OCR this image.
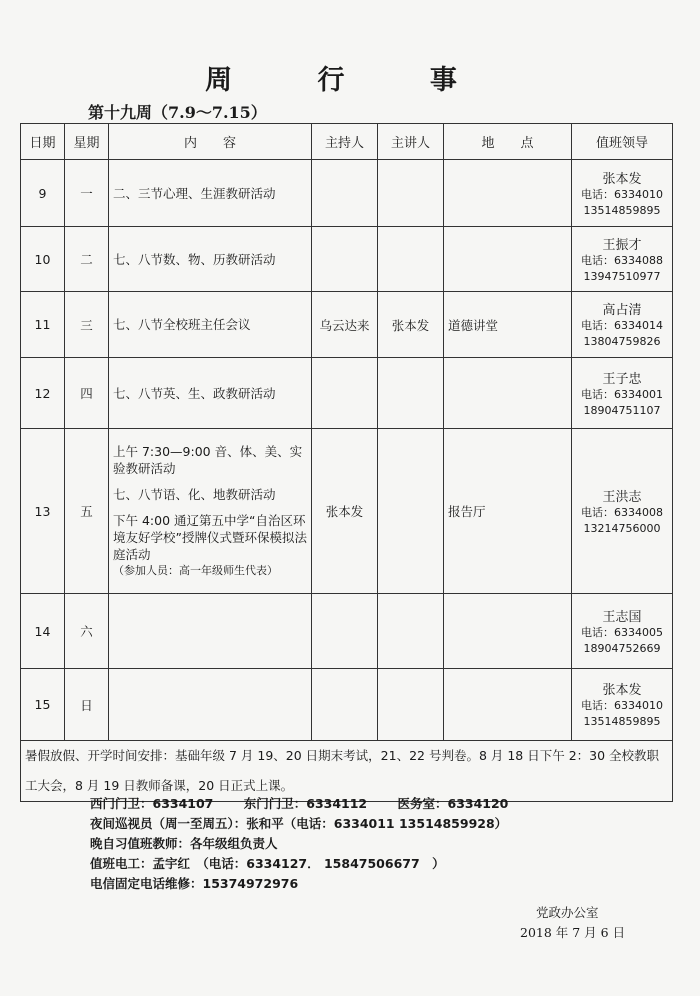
周 行 事
第十九周（7.9～7.15）
日期	星期	内　　容	主持人	主讲人	地　　点	值班领导
9	一	二、三节心理、生涯教研活动				张本发
电话：6334010
13514859895

10	二	七、八节数、物、历教研活动				王振才
电话：6334088
13947510977

11	三	七、八节全校班主任会议	乌云达来	张本发	道德讲堂	高占清
电话：6334014
13804759826

12	四	七、八节英、生、政教研活动				王子忠
电话：6334001
18904751107

13	五	上午 7:30—9:00 音、体、美、实验教研活动
七、八节语、化、地教研活动
下午 4:00 通辽第五中学“自治区环境友好学校”授牌仪式暨环保模拟法庭活动
（参加人员：高一年级师生代表）	张本发		报告厅	王洪志
电话：6334008
13214756000

14	六					王志国
电话：6334005
18904752669

15	日					张本发
电话：6334010
13514859895

暑假放假、开学时间安排：基础年级 7 月 19、20 日期末考试，21、22 号判卷。8 月 18 日下午 2：30 全校教职工大会，8 月 19 日教师备课，20 日正式上课。						
西门门卫：6334107 东门门卫：6334112 医务室：6334120
夜间巡视员（周一至周五）：张和平（电话：6334011 13514859928）
晚自习值班教师：各年级组负责人
值班电工：孟宇红　（电话：6334127． 15847506677　）
电信固定电话维修：15374972976
党政办公室
2018 年 7 月 6 日
